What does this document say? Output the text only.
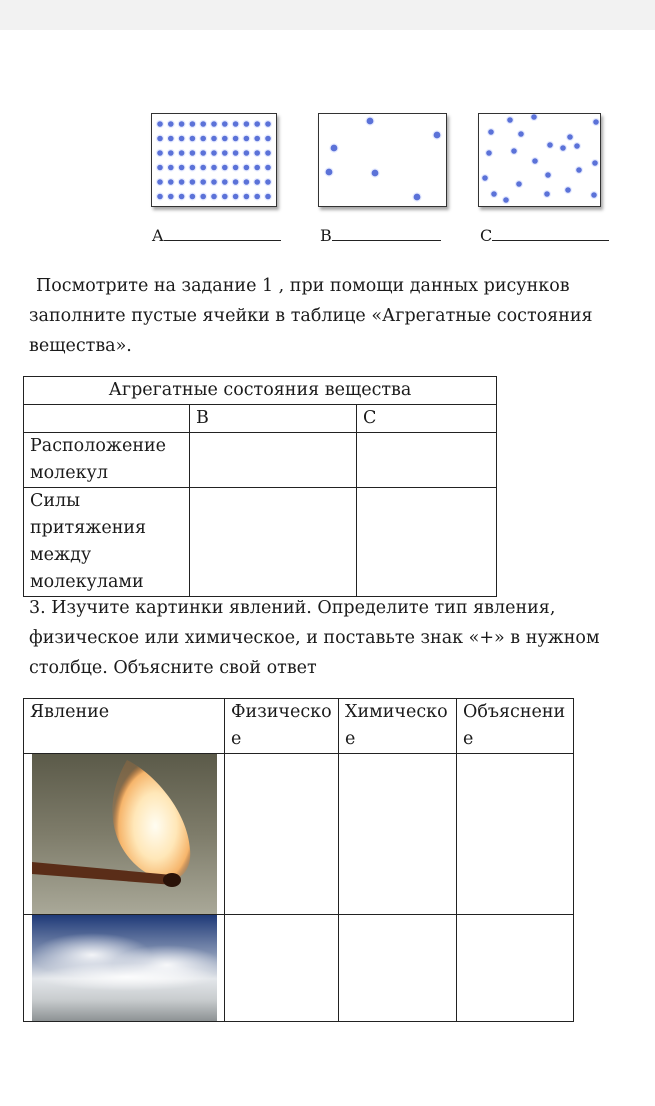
A	B	C
Посмотрите на задание 1 , при помощи данных рисунков
заполните пустые ячейки в таблице «Агрегатные состояния
вещества».
Агрегатные состояния вещества		
	B	C
Расположение молекул		
Силы притяжения между молекулами		
3. Изучите картинки явлений. Определите тип явления,
физическое или химическое, и поставьте знак «+» в нужном
столбце. Объясните свой ответ
Явление	Физическое	Химическое	Объяснение
